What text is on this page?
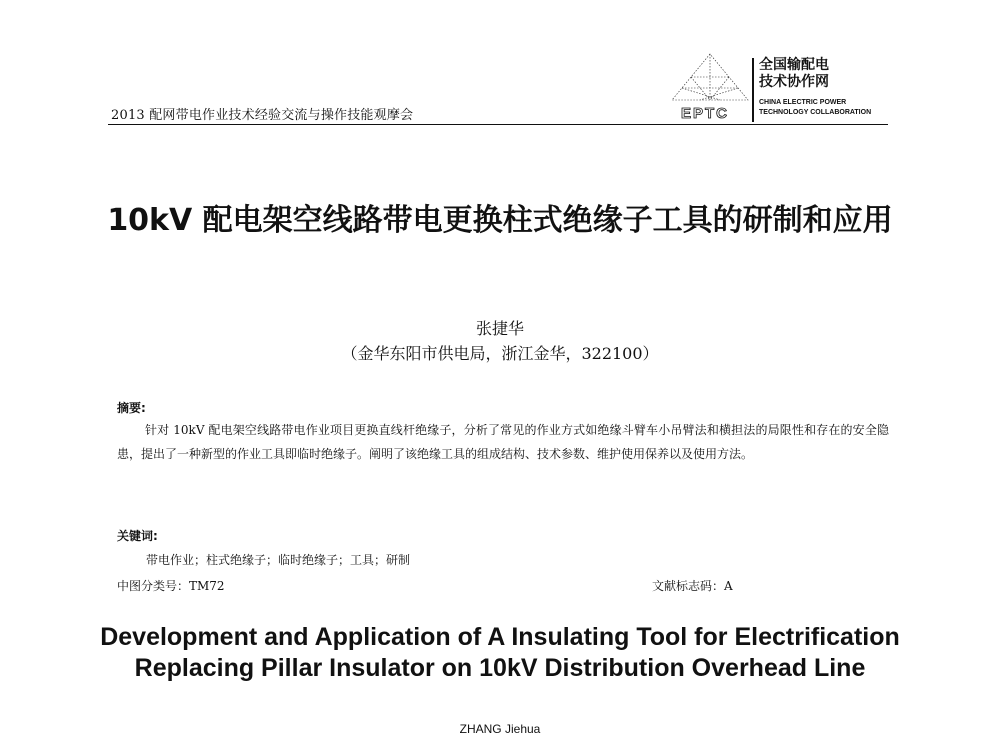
2013 配网带电作业技术经验交流与操作技能观摩会	EPTC
全国输配电
技术协作网
CHINA ELECTRIC POWER
TECHNOLOGY COLLABORATION
10kV 配电架空线路带电更换柱式绝缘子工具的研制和应用
张捷华
（金华东阳市供电局，浙江金华，322100）
摘要:
针对 10kV 配电架空线路带电作业项目更换直线杆绝缘子，分析了常见的作业方式如绝缘斗臂车小吊臂法和横担法的局限性和存在的安全隐患，提出了一种新型的作业工具即临时绝缘子。阐明了该绝缘工具的组成结构、技术参数、维护使用保养以及使用方法。
关键词:
带电作业；柱式绝缘子；临时绝缘子；工具；研制
中图分类号：TM72	文献标志码：A
Development and Application of A Insulating Tool for Electrification Replacing Pillar Insulator on 10kV Distribution Overhead Line
ZHANG Jiehua
